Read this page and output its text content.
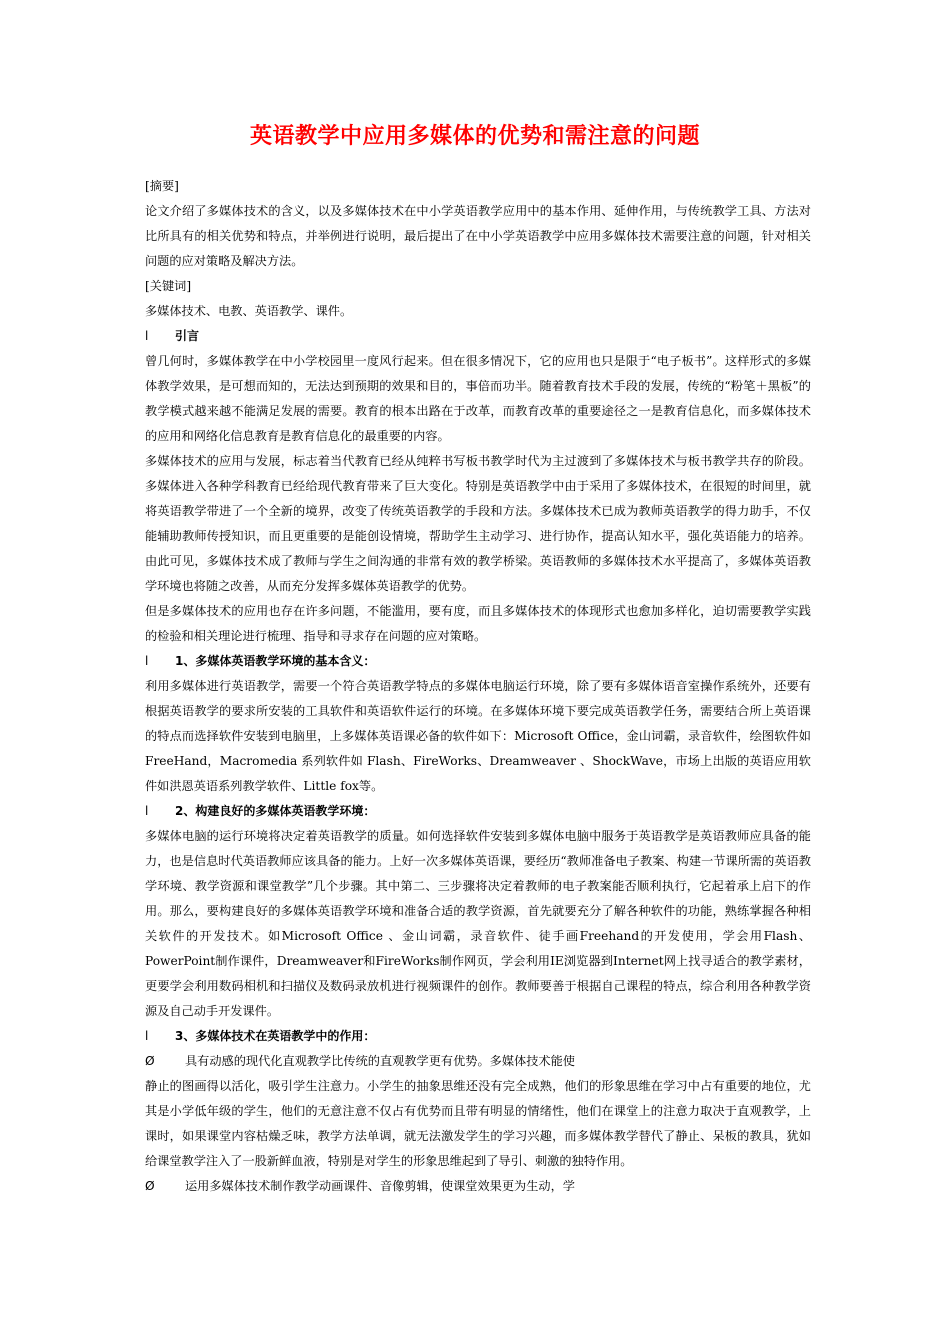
英语教学中应用多媒体的优势和需注意的问题

[摘要]

论文介绍了多媒体技术的含义，以及多媒体技术在中小学英语教学应用中的基本作用、延伸作用，与传统教学工具、方法对比所具有的相关优势和特点，并举例进行说明，最后提出了在中小学英语教学中应用多媒体技术需要注意的问题，针对相关问题的应对策略及解决方法。

[关键词]

多媒体技术、电教、英语教学、课件。

l 引言

曾几何时，多媒体教学在中小学校园里一度风行起来。但在很多情况下，它的应用也只是限于“电子板书”。这样形式的多媒体教学效果，是可想而知的，无法达到预期的效果和目的，事倍而功半。随着教育技术手段的发展，传统的“粉笔＋黑板”的教学模式越来越不能满足发展的需要。教育的根本出路在于改革，而教育改革的重要途径之一是教育信息化，而多媒体技术的应用和网络化信息教育是教育信息化的最重要的内容。

多媒体技术的应用与发展，标志着当代教育已经从纯粹书写板书教学时代为主过渡到了多媒体技术与板书教学共存的阶段。多媒体进入各种学科教育已经给现代教育带来了巨大变化。特别是英语教学中由于采用了多媒体技术，在很短的时间里，就将英语教学带进了一个全新的境界，改变了传统英语教学的手段和方法。多媒体技术已成为教师英语教学的得力助手，不仅能辅助教师传授知识，而且更重要的是能创设情境，帮助学生主动学习、进行协作，提高认知水平，强化英语能力的培养。由此可见，多媒体技术成了教师与学生之间沟通的非常有效的教学桥梁。英语教师的多媒体技术水平提高了，多媒体英语教学环境也将随之改善，从而充分发挥多媒体英语教学的优势。

但是多媒体技术的应用也存在许多问题，不能滥用，要有度，而且多媒体技术的体现形式也愈加多样化，迫切需要教学实践的检验和相关理论进行梳理、指导和寻求存在问题的应对策略。

l 1、多媒体英语教学环境的基本含义：

利用多媒体进行英语教学，需要一个符合英语教学特点的多媒体电脑运行环境，除了要有多媒体语音室操作系统外，还要有根据英语教学的要求所安装的工具软件和英语软件运行的环境。在多媒体环境下要完成英语教学任务，需要结合所上英语课的特点而选择软件安装到电脑里，上多媒体英语课必备的软件如下：Microsoft Office，金山词霸，录音软件，绘图软件如FreeHand，Macromedia 系列软件如 Flash、FireWorks、Dreamweaver 、ShockWave，市场上出版的英语应用软件如洪恩英语系列教学软件、Little fox等。

l 2、构建良好的多媒体英语教学环境：

多媒体电脑的运行环境将决定着英语教学的质量。如何选择软件安装到多媒体电脑中服务于英语教学是英语教师应具备的能力，也是信息时代英语教师应该具备的能力。上好一次多媒体英语课，要经历“教师准备电子教案、构建一节课所需的英语教学环境、教学资源和课堂教学”几个步骤。其中第二、三步骤将决定着教师的电子教案能否顺利执行，它起着承上启下的作用。那么，要构建良好的多媒体英语教学环境和准备合适的教学资源，首先就要充分了解各种软件的功能，熟练掌握各种相关软件的开发技术。如Microsoft Office 、金山词霸，录音软件、徒手画Freehand的开发使用，学会用Flash、PowerPoint制作课件，Dreamweaver和FireWorks制作网页，学会利用IE浏览器到Internet网上找寻适合的教学素材，更要学会利用数码相机和扫描仪及数码录放机进行视频课件的创作。教师要善于根据自己课程的特点，综合利用各种教学资源及自己动手开发课件。

l 3、多媒体技术在英语教学中的作用：

Ø 具有动感的现代化直观教学比传统的直观教学更有优势。多媒体技术能使

静止的图画得以活化，吸引学生注意力。小学生的抽象思维还没有完全成熟，他们的形象思维在学习中占有重要的地位，尤其是小学低年级的学生，他们的无意注意不仅占有优势而且带有明显的情绪性，他们在课堂上的注意力取决于直观教学，上课时，如果课堂内容枯燥乏味，教学方法单调，就无法激发学生的学习兴趣，而多媒体教学替代了静止、呆板的教具，犹如给课堂教学注入了一股新鲜血液，特别是对学生的形象思维起到了导引、刺激的独特作用。

Ø 运用多媒体技术制作教学动画课件、音像剪辑，使课堂效果更为生动，学
